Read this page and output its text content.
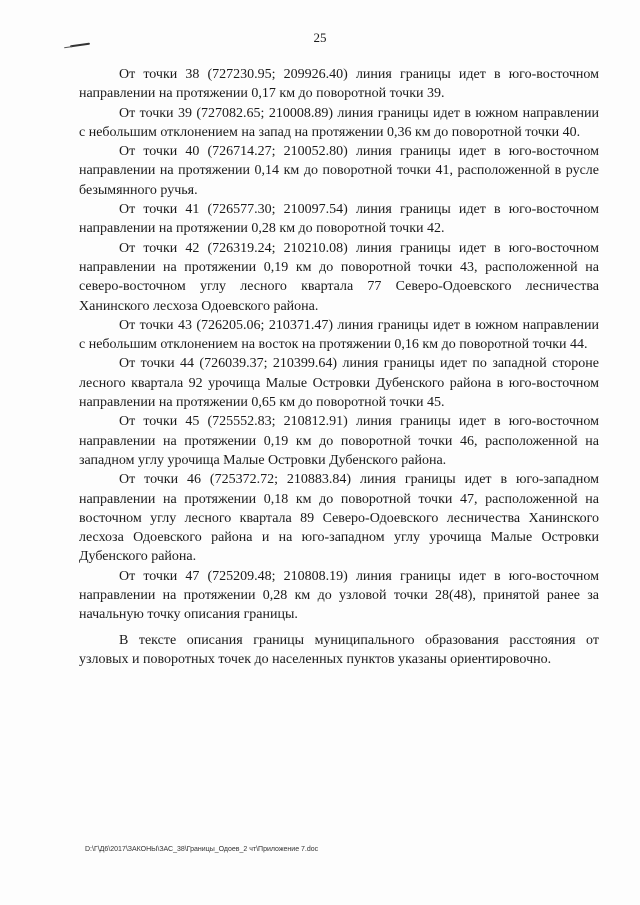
25

От точки 38 (727230.95; 209926.40) линия границы идет в юго-восточном направлении на протяжении 0,17 км до поворотной точки 39.

От точки 39 (727082.65; 210008.89) линия границы идет в южном направлении с небольшим отклонением на запад на протяжении 0,36 км до поворотной точки 40.

От точки 40 (726714.27; 210052.80) линия границы идет в юго-восточном направлении на протяжении 0,14 км до поворотной точки 41, расположенной в русле безымянного ручья.

От точки 41 (726577.30; 210097.54) линия границы идет в юго-восточном направлении на протяжении 0,28 км до поворотной точки 42.

От точки 42 (726319.24; 210210.08) линия границы идет в юго-восточном направлении на протяжении 0,19 км до поворотной точки 43, расположенной на северо-восточном углу лесного квартала 77 Северо-Одоевского лесничества Ханинского лесхоза Одоевского района.

От точки 43 (726205.06; 210371.47) линия границы идет в южном направлении с небольшим отклонением на восток на протяжении 0,16 км до поворотной точки 44.

От точки 44 (726039.37; 210399.64) линия границы идет по западной стороне лесного квартала 92 урочища Малые Островки Дубенского района в юго-восточном направлении на протяжении 0,65 км до поворотной точки 45.

От точки 45 (725552.83; 210812.91) линия границы идет в юго-восточном направлении на протяжении 0,19 км до поворотной точки 46, расположенной на западном углу урочища Малые Островки Дубенского района.

От точки 46 (725372.72; 210883.84) линия границы идет в юго-западном направлении на протяжении 0,18 км до поворотной точки 47, расположенной на восточном углу лесного квартала 89 Северо-Одоевского лесничества Ханинского лесхоза Одоевского района и на юго-западном углу урочища Малые Островки Дубенского района.

От точки 47 (725209.48; 210808.19) линия границы идет в юго-восточном направлении на протяжении 0,28 км до узловой точки 28(48), принятой ранее за начальную точку описания границы.

В тексте описания границы муниципального образования расстояния от узловых и поворотных точек до населенных пунктов указаны ориентировочно.

D:\Г\Д6\2017\ЗАКОНЫ\ЗАС_38\Границы_Одоев_2 чт\Приложение 7.doc
